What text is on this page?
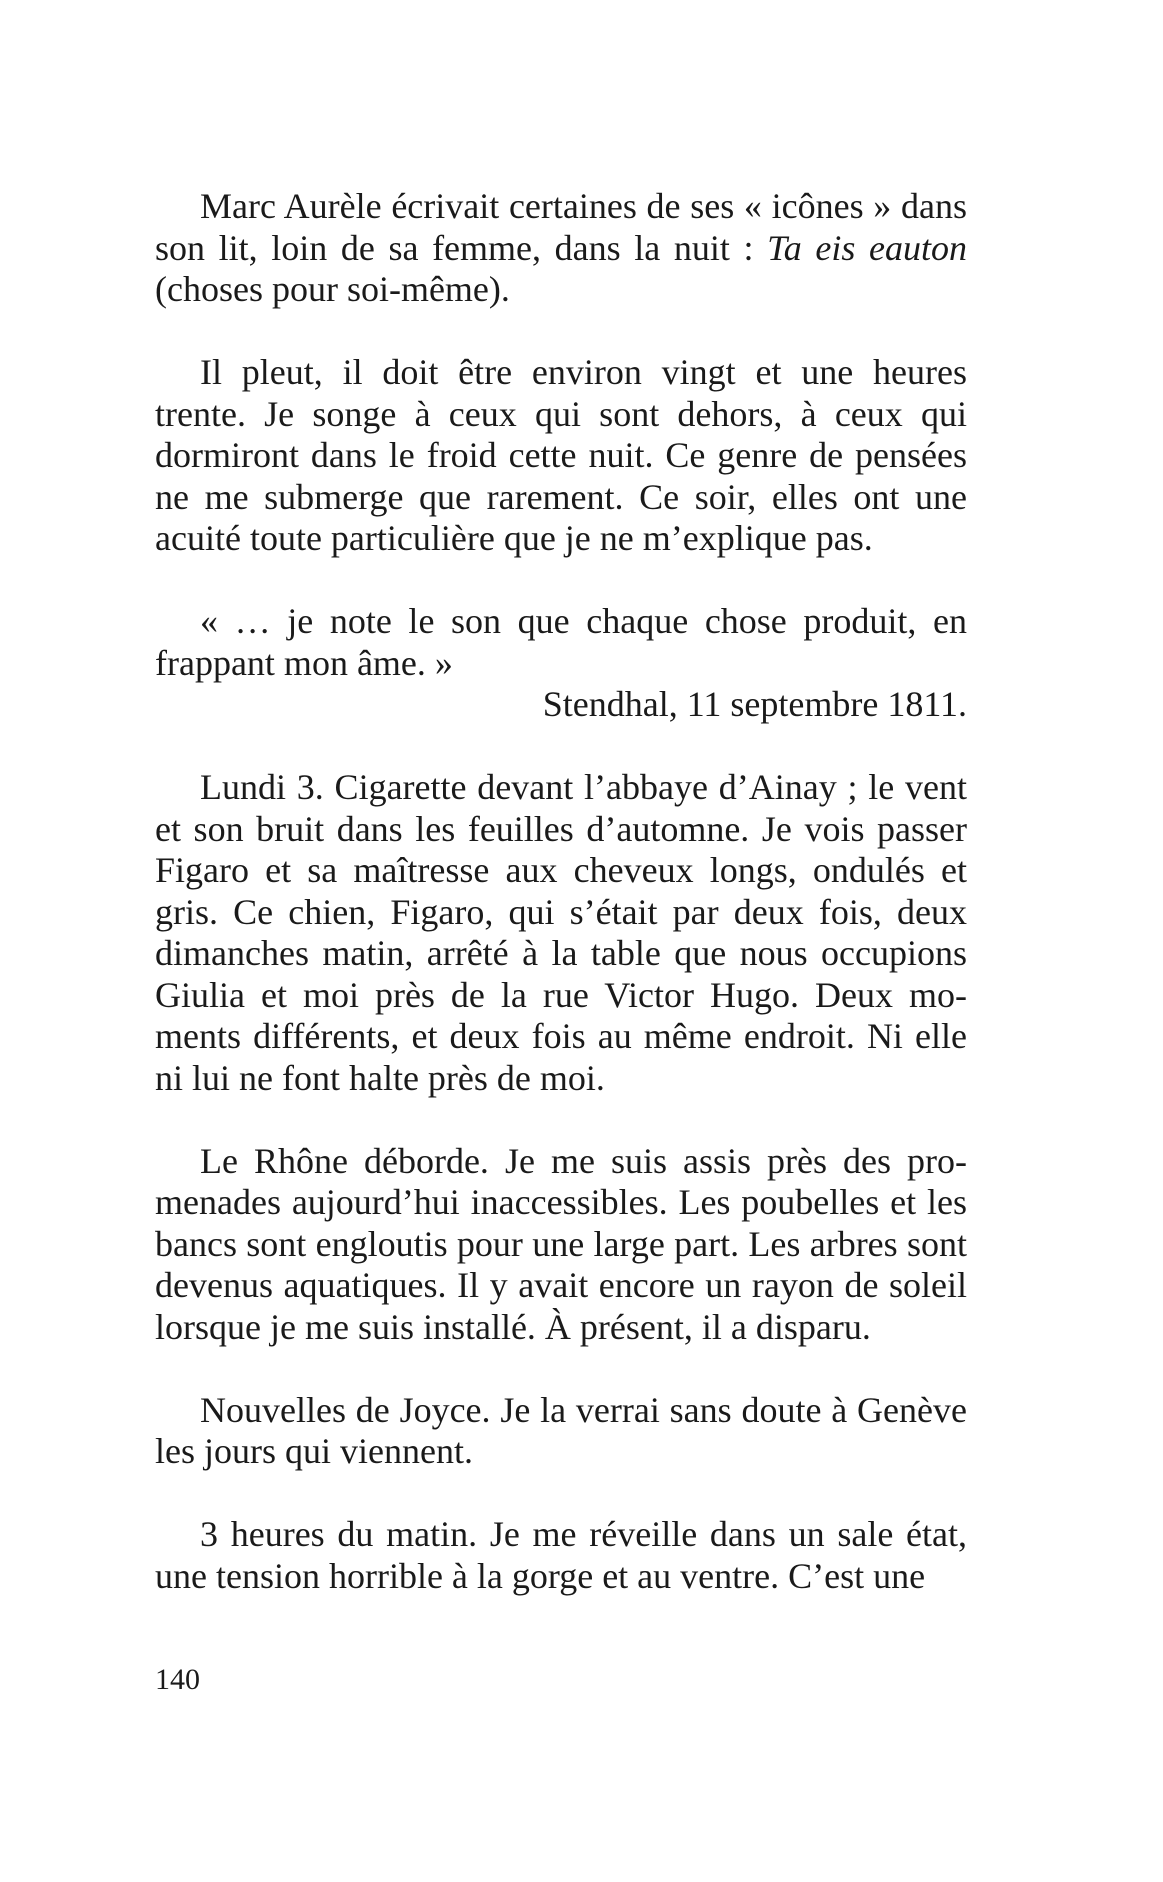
Marc Aurèle écrivait certaines de ses « icônes » dans son lit, loin de sa femme, dans la nuit : Ta eis eauton (choses pour soi-même).

Il pleut, il doit être environ vingt et une heures trente. Je songe à ceux qui sont dehors, à ceux qui dormiront dans le froid cette nuit. Ce genre de pensées ne me submerge que rarement. Ce soir, elles ont une acuité toute particulière que je ne m’explique pas.

« … je note le son que chaque chose produit, en frappant mon âme. »

Stendhal, 11 septembre 1811.

Lundi 3. Cigarette devant l’abbaye d’Ainay ; le vent et son bruit dans les feuilles d’automne. Je vois passer Figaro et sa maîtresse aux cheveux longs, ondulés et gris. Ce chien, Figaro, qui s’était par deux fois, deux dimanches matin, arrêté à la table que nous occupions Giulia et moi près de la rue Victor Hugo. Deux moments différents, et deux fois au même endroit. Ni elle ni lui ne font halte près de moi.

Le Rhône déborde. Je me suis assis près des promenades aujourd’hui inaccessibles. Les poubelles et les bancs sont engloutis pour une large part. Les arbres sont devenus aquatiques. Il y avait encore un rayon de soleil lorsque je me suis installé. À présent, il a disparu.

Nouvelles de Joyce. Je la verrai sans doute à Genève les jours qui viennent.

3 heures du matin. Je me réveille dans un sale état, une tension horrible à la gorge et au ventre. C’est une

140
